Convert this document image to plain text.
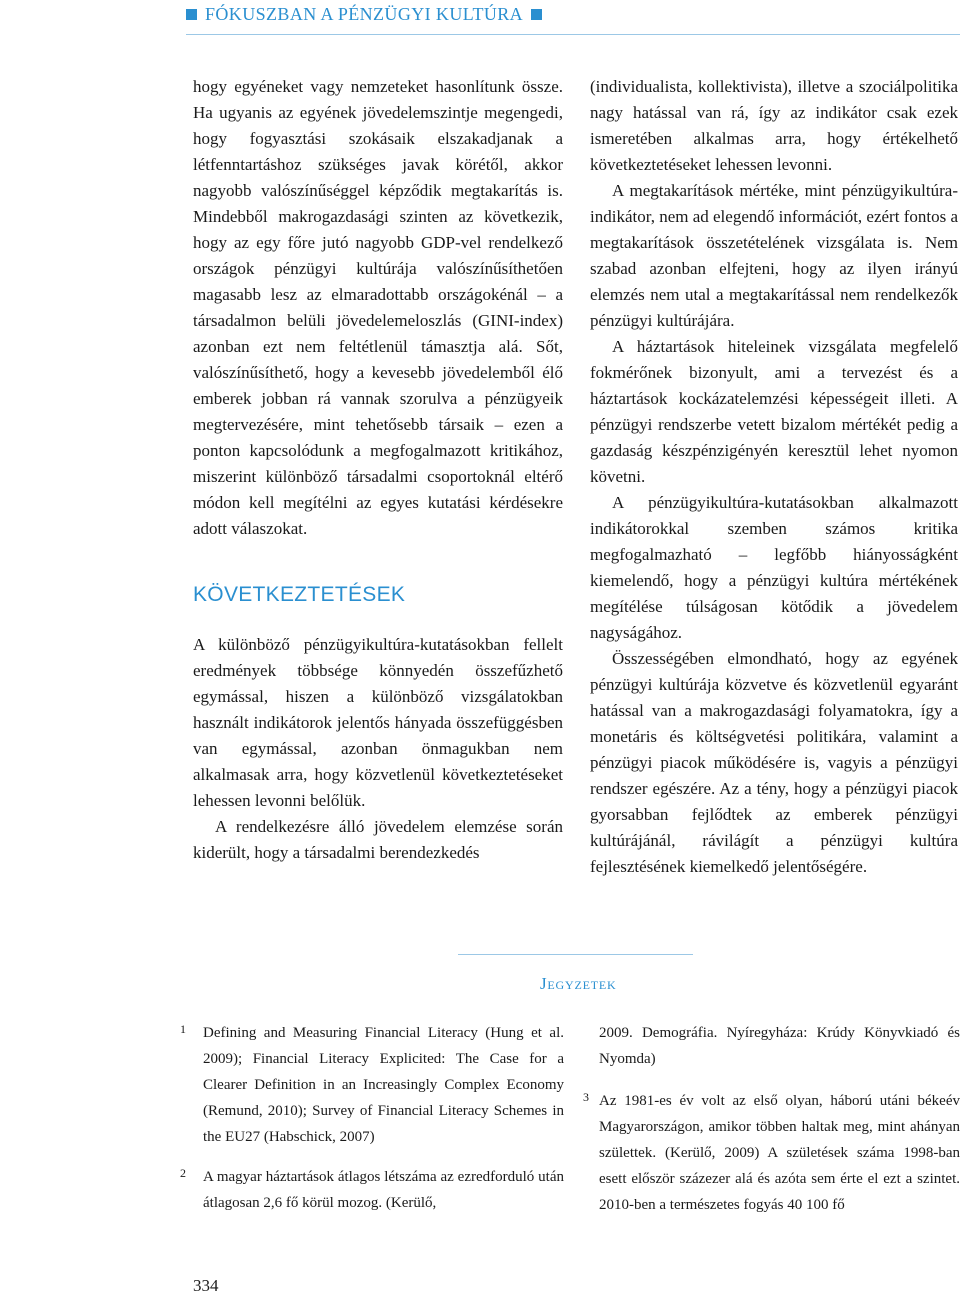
FÓKUSZBAN A PÉNZÜGYI KULTÚRA

hogy egyéneket vagy nemzeteket hasonlítunk össze. Ha ugyanis az egyének jövedelemszintje megengedi, hogy fogyasztási szokásaik elszakadjanak a létfenntartáshoz szükséges javak körétől, akkor nagyobb valószínűséggel képződik megtakarítás is. Mindebből makrogazdasági szinten az következik, hogy az egy főre jutó nagyobb GDP-vel rendelkező országok pénzügyi kultúrája valószínűsíthetően magasabb lesz az elmaradottabb országokénál – a társadalmon belüli jövedelemeloszlás (GINI-index) azonban ezt nem feltétlenül támasztja alá. Sőt, valószínűsíthető, hogy a kevesebb jövedelemből élő emberek jobban rá vannak szorulva a pénzügyeik megtervezésére, mint tehetősebb társaik – ezen a ponton kapcsolódunk a megfogalmazott kritikához, miszerint különböző társadalmi csoportoknál eltérő módon kell megítélni az egyes kutatási kérdésekre adott válaszokat.

KÖVETKEZTETÉSEK

A különböző pénzügyikultúra-kutatásokban fellelt eredmények többsége könnyedén összefűzhető egymással, hiszen a különböző vizsgálatokban használt indikátorok jelentős hányada összefüggésben van egymással, azonban önmagukban nem alkalmasak arra, hogy közvetlenül következtetéseket lehessen levonni belőlük.

A rendelkezésre álló jövedelem elemzése során kiderült, hogy a társadalmi berendezkedés

(individualista, kollektivista), illetve a szociálpolitika nagy hatással van rá, így az indikátor csak ezek ismeretében alkalmas arra, hogy értékelhető következtetéseket lehessen levonni.

A megtakarítások mértéke, mint pénzügyikultúra-indikátor, nem ad elegendő információt, ezért fontos a megtakarítások összetételének vizsgálata is. Nem szabad azonban elfejteni, hogy az ilyen irányú elemzés nem utal a megtakarítással nem rendelkezők pénzügyi kultúrájára.

A háztartások hiteleinek vizsgálata megfelelő fokmérőnek bizonyult, ami a tervezést és a háztartások kockázatelemzési képességeit illeti. A pénzügyi rendszerbe vetett bizalom mértékét pedig a gazdaság készpénzigényén keresztül lehet nyomon követni.

A pénzügyikultúra-kutatásokban alkalmazott indikátorokkal szemben számos kritika megfogalmazható – legfőbb hiányosságként kiemelendő, hogy a pénzügyi kultúra mértékének megítélése túlságosan kötődik a jövedelem nagyságához.

Összességében elmondható, hogy az egyének pénzügyi kultúrája közvetve és közvetlenül egyaránt hatással van a makrogazdasági folyamatokra, így a monetáris és költségvetési politikára, valamint a pénzügyi piacok működésére is, vagyis a pénzügyi rendszer egészére. Az a tény, hogy a pénzügyi piacok gyorsabban fejlődtek az emberek pénzügyi kultúrájánál, rávilágít a pénzügyi kultúra fejlesztésének kiemelkedő jelentőségére.

Jegyzetek
1 Defining and Measuring Financial Literacy (Hung et al. 2009); Financial Literacy Explicited: The Case for a Clearer Definition in an Increasingly Complex Economy (Remund, 2010); Survey of Financial Literacy Schemes in the EU27 (Habschick, 2007)
2 A magyar háztartások átlagos létszáma az ezredforduló után átlagosan 2,6 fő körül mozog. (Kerülő,
2009. Demográfia. Nyíregyháza: Krúdy Könyvkiadó és Nyomda)
3 Az 1981-es év volt az első olyan, háború utáni békeév Magyarországon, amikor többen haltak meg, mint ahányan születtek. (Kerülő, 2009) A születések száma 1998-ban esett először százezer alá és azóta sem érte el ezt a szintet. 2010-ben a természetes fogyás 40 100 fő
334
